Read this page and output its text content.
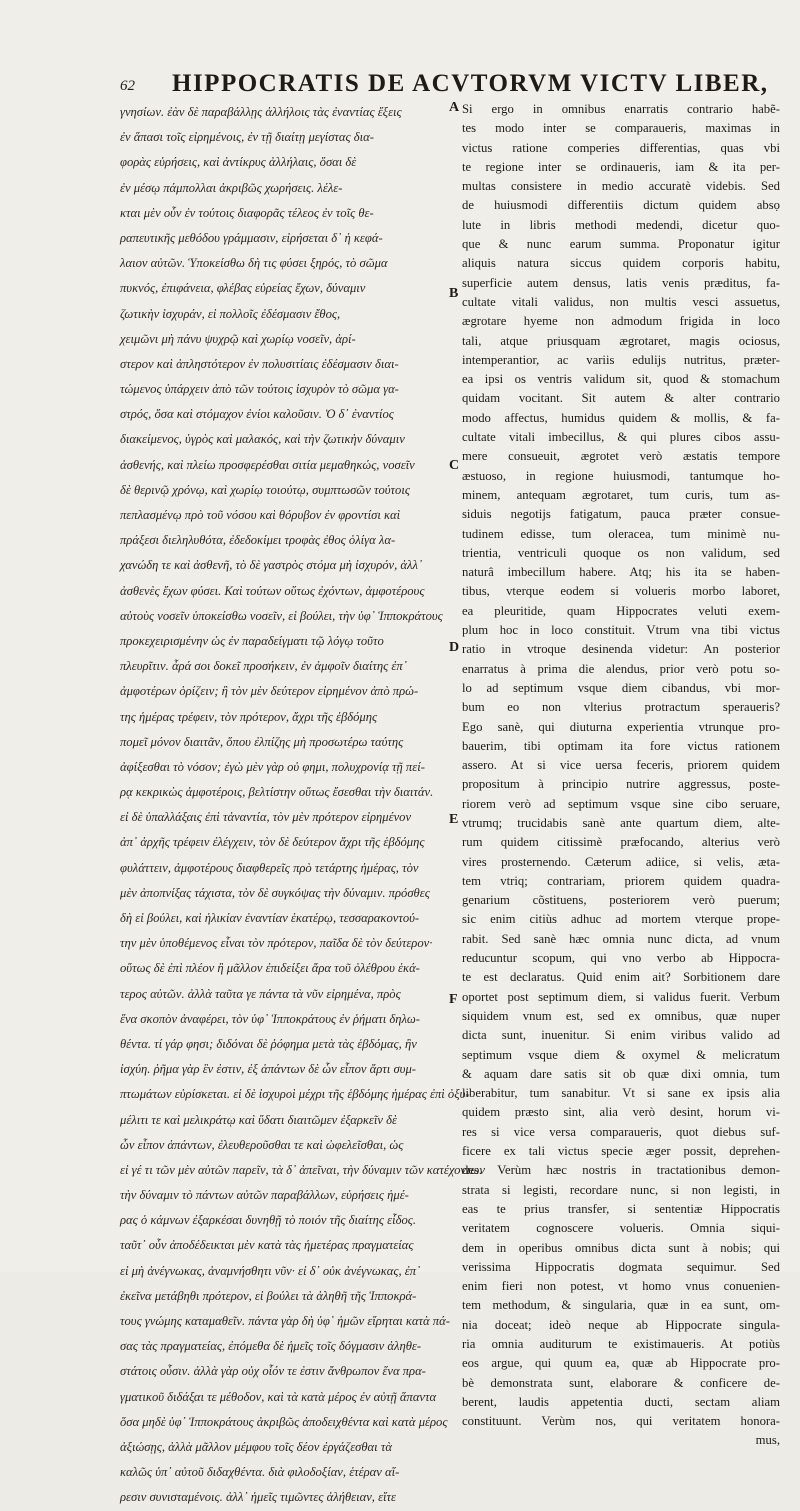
62 HIPPOCRATIS DE ACVTORVM VICTV LIBER,
γνησίων. ἐὰν δὲ παραβάλλῃς ἀλλήλοις τὰς ἐναντίας ἕξεις
ἐν ἅπασι τοῖς εἰρημένοις, ἐν τῇ διαίτῃ μεγίστας δια-
φορὰς εὑρήσεις, καὶ ἀντίκρυς ἀλλήλαις, ὅσαι δὲ
ἐν μέσῳ πάμπολλαι ἀκριβῶς χωρήσεις. λέλε-
κται μὲν οὖν ἐν τούτοις διαφορᾶς τέλεος ἐν τοῖς θε-
ραπευτικῆς μεθόδου γράμμασιν, εἰρήσεται δ᾽ ἡ κεφά-
λαιον αὐτῶν. Ὑποκείσθω δὴ τις φύσει ξηρός, τὸ σῶμα
πυκνός, ἐπιφάνεια, φλέβας εὐρείας ἔχων, δύναμιν
ζωτικὴν ἰσχυράν, εἰ πολλοῖς ἐδέσμασιν ἔθος,
χειμῶνι μὴ πάνυ ψυχρῷ καὶ χωρίῳ νοσεῖν, ἀρί-
στερον καὶ ἀπληστότερον ἐν πολυσιτίαις ἐδέσμασιν διαι-
τώμενος ὑπάρχειν ἀπὸ τῶν τούτοις ἰσχυρὸν τὸ σῶμα γα-
στρός, ὅσα καὶ στόμαχον ἐνίοι καλοῦσιν. Ὁ δ᾽ ἐναντίος
διακείμενος, ὑγρὸς καὶ μαλακός, καὶ τὴν ζωτικὴν δύναμιν
ἀσθενής, καὶ πλείω προσφερέσθαι σιτία μεμαθηκώς, νοσεῖν
δὲ θερινῷ χρόνῳ, καὶ χωρίῳ τοιούτῳ, συμπτωσῶν τούτοις
πεπλασμένῳ πρὸ τοῦ νόσου καὶ θόρυβον ἐν φροντίσι καὶ
πράξεσι διεληλυθότα, ἐδεδοκίμει τροφὰς ἐθος ὀλίγα λα-
χανώδη τε καὶ ἀσθενῆ, τὸ δὲ γαστρὸς στόμα μὴ ἰσχυρόν, ἀλλ᾽
ἀσθενὲς ἔχων φύσει. Καὶ τούτων οὕτως ἐχόντων, ἀμφοτέρους
αὐτοὺς νοσεῖν ὑποκείσθω νοσεῖν, εἰ βούλει, τὴν ὑφ᾽ Ἱπποκράτους
προκεχειρισμένην ὡς ἐν παραδείγματι τῷ λόγῳ τοῦτο
πλευρῖτιν. ἆρά σοι δοκεῖ προσήκειν, ἐν ἀμφοῖν διαίτης ἐπ᾽
ἀμφοτέρων ὁρίζειν; ἢ τὸν μὲν δεύτερον εἰρημένον ἀπὸ πρώ-
της ἡμέρας τρέφειν, τὸν πρότερον, ἄχρι τῆς ἑβδόμης
πομεῖ μόνον διαιτᾶν, ὅπου ἐλπίζης μὴ προσωτέρω ταύτης
ἀφίξεσθαι τὸ νόσον; ἐγὼ μὲν γὰρ οὐ φημι, πολυχρονίᾳ τῇ πεί-
ρᾳ κεκρικὼς ἀμφοτέροις, βελτίστην οὕτως ἔσεσθαι τὴν διαιτάν.
εἰ δὲ ὑπαλλάξαις ἐπὶ τἀναντία, τὸν μὲν πρότερον εἰρημένον
ἀπ᾽ ἀρχῆς τρέφειν ἐλέγχειν, τὸν δὲ δεύτερον ἄχρι τῆς ἑβδόμης
φυλάττειν, ἀμφοτέρους διαφθερεῖς πρὸ τετάρτης ἡμέρας, τὸν
μὲν ἀποπνίξας τάχιστα, τὸν δὲ συγκόψας τὴν δύναμιν. πρόσθες
δὴ εἰ βούλει, καὶ ἡλικίαν ἐναντίαν ἑκατέρῳ, τεσσαρακοντού-
την μὲν ὑποθέμενος εἶναι τὸν πρότερον, παῖδα δὲ τὸν δεύτερον·
οὕτως δὲ ἐπὶ πλέον ἢ μᾶλλον ἐπιδείξει ἄρα τοῦ ὀλέθρου ἑκά-
τερος αὐτῶν. ἀλλὰ ταῦτα γε πάντα τὰ νῦν εἰρημένα, πρὸς
ἕνα σκοπὸν ἀναφέρει, τὸν ὑφ᾽ Ἱπποκράτους ἐν ῥήματι δηλω-
θέντα. τί γάρ φησι; διδόναι δὲ ῥόφημα μετὰ τὰς ἑβδόμας, ἢν
ἰσχύη. ῥῆμα γὰρ ἓν ἐστιν, ἐξ ἁπάντων δὲ ὧν εἶπον ἄρτι συμ-
πτωμάτων εὑρίσκεται. εἰ δὲ ἰσχυροὶ μέχρι τῆς ἑβδόμης ἡμέρας ἐπὶ ὀξυ-
μέλιτι τε καὶ μελικράτῳ καὶ ὕδατι διαιτῶμεν ἐξαρκεῖν δὲ
ὧν εἶπον ἁπάντων, ἐλευθεροῦσθαι τε καὶ ὠφελεῖσθαι, ὡς
εἰ γέ τι τῶν μὲν αὐτῶν παρεῖν, τὰ δ᾽ ἀπεῖναι, τὴν δύναμιν τῶν κατέχοντων
τὴν δύναμιν τὸ πάντων αὐτῶν παραβάλλων, εὑρήσεις ἡμέ-
ρας ὁ κάμνων ἐξαρκέσαι δυνηθῇ τὸ ποιόν τῆς διαίτης εἶδος.
ταῦτ᾽ οὖν ἀποδέδεικται μὲν κατὰ τὰς ἡμετέρας πραγματείας
εἰ μὴ ἀνέγνωκας, ἀναμνήσθητι νῦν· εἰ δ᾽ οὐκ ἀνέγνωκας, ἐπ᾽
ἐκεῖνα μετάβηθι πρότερον, εἰ βούλει τὰ ἀληθῆ τῆς Ἱπποκρά-
τους γνώμης καταμαθεῖν. πάντα γὰρ δὴ ὑφ᾽ ἡμῶν εἴρηται κατὰ πά-
σας τὰς πραγματείας, ἐπόμεθα δὲ ἡμεῖς τοῖς δόγμασιν ἀληθε-
στάτοις οὖσιν. ἀλλὰ γὰρ οὐχ οἷόν τε ἐστιν ἄνθρωπον ἕνα πρα-
γματικοῦ διδάξαι τε μέθοδον, καὶ τὰ κατὰ μέρος ἐν αὐτῇ ἅπαντα
ὅσα μηδὲ ὑφ᾽ Ἱπποκράτους ἀκριβῶς ἀποδειχθέντα καὶ κατὰ μέρος
ἀξιώσῃς, ἀλλὰ μᾶλλον μέμφου τοῖς δέον ἐργάζεσθαι τὰ
καλῶς ὑπ᾽ αὐτοῦ διδαχθέντα. διὰ φιλοδοξίαν, ἑτέραν αἵ-
ρεσιν συνισταμένοις. ἀλλ᾽ ἡμεῖς τιμῶντες ἀλήθειαν, εἴτε
Si ergo in omnibus enarratis contrario habẽ-
tes modo inter se comparaueris, maximas in
victus ratione comperies differentias, quas vbi
te regione inter se ordinaueris, iam & ita per-
multas consistere in medio accuratè videbis. Sed
de huiusmodi differentiis dictum quidem absọ
lute in libris methodi medendi, dicetur quo-
que & nunc earum summa. Proponatur igitur
aliquis natura siccus quidem corporis habitu,
superficie autem densus, latis venis præditus, fa-
cultate vitali validus, non multis vesci assuetus,
ægrotare hyeme non admodum frigida in loco
tali, atque priusquam ægrotaret, magis ociosus,
intemperantior, ac variis edulijs nutritus, præter-
ea ipsi os ventris validum sit, quod & stomachum
quidam vocitant. Sit autem & alter contrario
modo affectus, humidus quidem & mollis, & fa-
cultate vitali imbecillus, & qui plures cibos assu-
mere consueuit, ægrotet verò æstatis tempore
æstuoso, in regione huiusmodi, tantumque ho-
minem, antequam ægrotaret, tum curis, tum as-
siduis negotijs fatigatum, pauca præter consue-
tudinem edisse, tum oleracea, tum minimè nu-
trientia, ventriculi quoque os non validum, sed
naturâ imbecillum habere. Atq; his ita se haben-
tibus, vterque eodem si volueris morbo laboret,
ea pleuritide, quam Hippocrates veluti exem-
plum hoc in loco constituit. Vtrum vna tibi victus
ratio in vtroque desinenda videtur: An posterior
enarratus à prima die alendus, prior verò potu so-
lo ad septimum vsque diem cibandus, vbi mor-
bum eo non vlterius protractum speraueris?
Ego sanè, qui diuturna experientia vtrunque pro-
bauerim, tibi optimam ita fore victus rationem
assero. At si vice uersa feceris, priorem quidem
propositum à principio nutrire aggressus, poste-
riorem verò ad septimum vsque sine cibo seruare,
vtrumq; trucidabis sanè ante quartum diem, alte-
rum quidem citissimè præfocando, alterius verò
vires prosternendo. Cæterum adiice, si velis, æta-
tem vtriq; contrariam, priorem quidem quadra-
genarium cõstituens, posteriorem verò puerum;
sic enim citiùs adhuc ad mortem vterque prope-
rabit. Sed sanè hæc omnia nunc dicta, ad vnum
reducuntur scopum, qui vno verbo ab Hippocra-
te est declaratus. Quid enim ait? Sorbitionem dare
oportet post septimum diem, si validus fuerit. Verbum
siquidem vnum est, sed ex omnibus, quæ nuper
dicta sunt, inuenitur. Si enim viribus valido ad
septimum vsque diem & oxymel & melicratum
& aquam dare satis sit ob quæ dixi omnia, tum
liberabitur, tum sanabitur. Vt si sane ex ipsis alia
quidem præsto sint, alia verò desint, horum vi-
res si vice versa comparaueris, quot diebus suf-
ficere ex tali victus specie æger possit, deprehen-
des. Verùm hæc nostris in tractationibus demon-
strata si legisti, recordare nunc, si non legisti, in
eas te prius transfer, si sententiæ Hippocratis
veritatem cognoscere volueris. Omnia siqui-
dem in operibus omnibus dicta sunt à nobis; qui
verissima Hippocratis dogmata sequimur. Sed
enim fieri non potest, vt homo vnus conuenien-
tem methodum, & singularia, quæ in ea sunt, om-
nia doceat; ideò neque ab Hippocrate singula-
ria omnia auditurum te existimaueris. At potiùs
eos argue, qui quum ea, quæ ab Hippocrate pro-
bè demonstrata sunt, elaborare & conficere de-
berent, laudis appetentia ducti, sectam aliam
constituunt. Verùm nos, qui veritatem honora-
mus,
A
B
C
D
E
F
